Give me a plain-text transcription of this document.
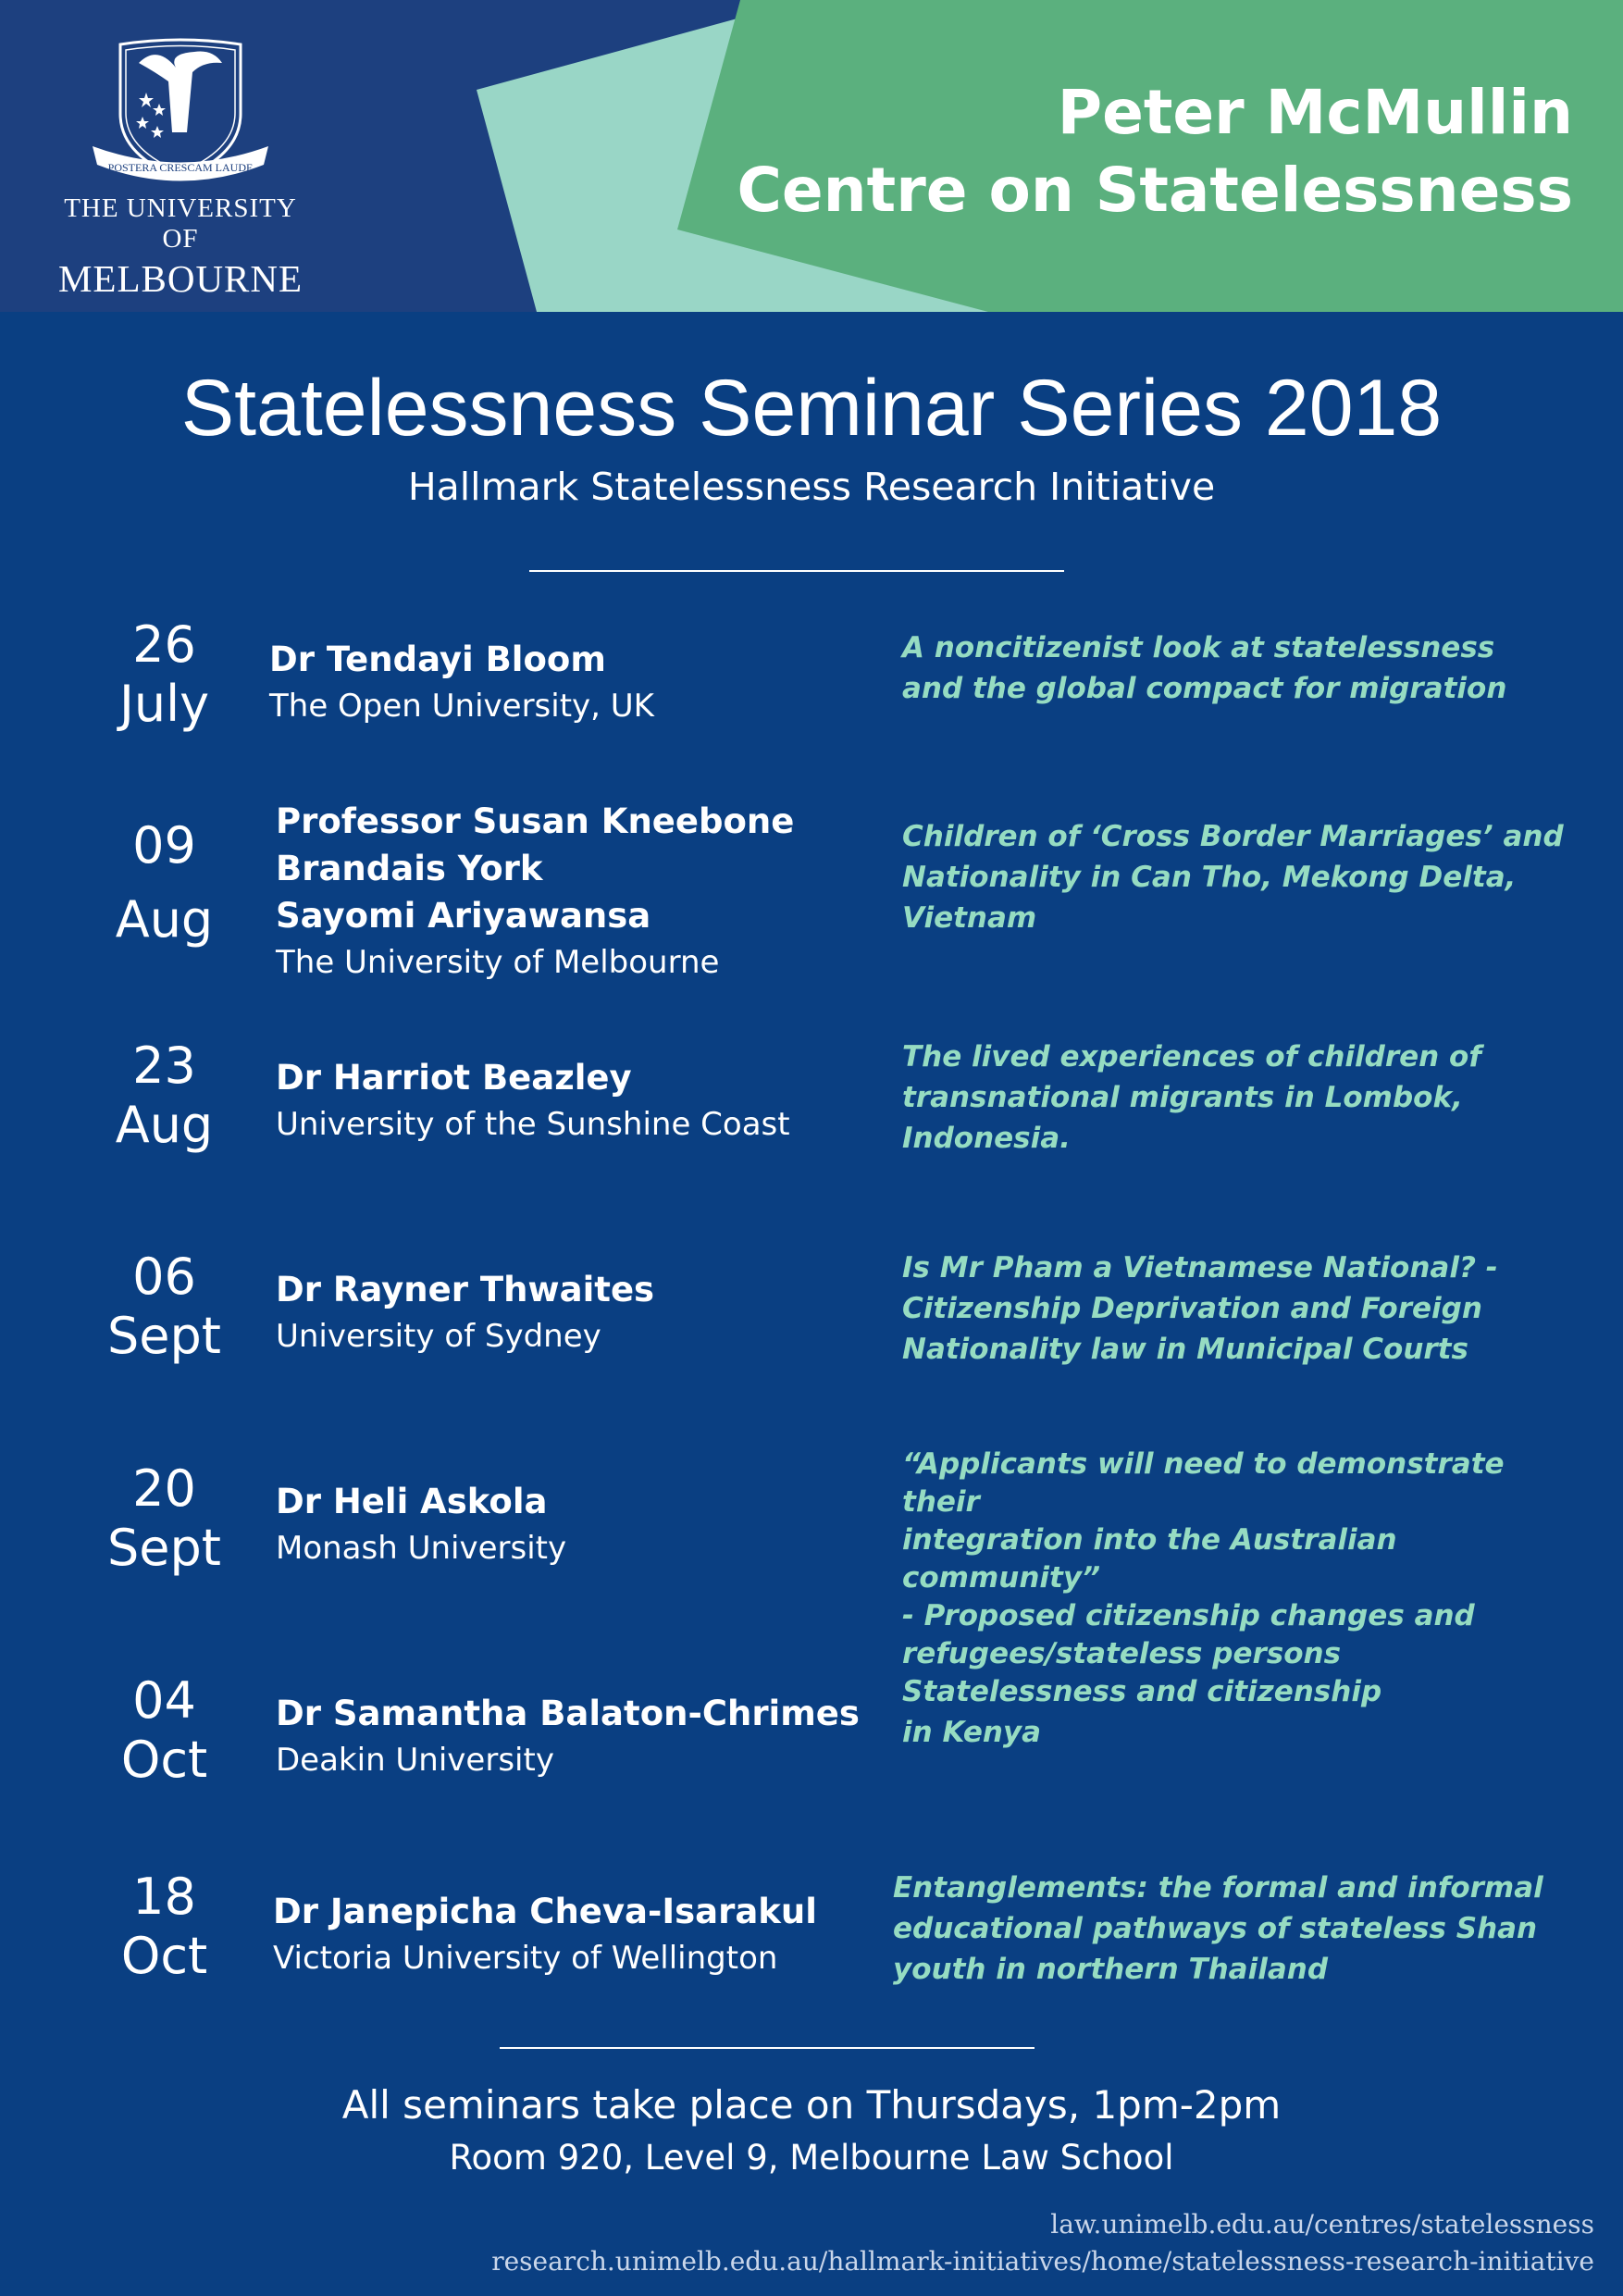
POSTERA CRESCAM LAUDE
THE UNIVERSITY OF
MELBOURNE
Peter McMullin
Centre on Statelessness
Statelessness Seminar Series 2018
Hallmark Statelessness Research Initiative
26
July
Dr Tendayi Bloom
The Open University, UK
A noncitizenist look at statelessness
and the global compact for migration
09
Aug
Professor Susan Kneebone
Brandais York
Sayomi Ariyawansa
The University of Melbourne
Children of ‘Cross Border Marriages’ and
Nationality in Can Tho, Mekong Delta,
Vietnam
23
Aug
Dr Harriot Beazley
University of the Sunshine Coast
The lived experiences of children of
transnational migrants in Lombok,
Indonesia.
06
Sept
Dr Rayner Thwaites
University of Sydney
Is Mr Pham a Vietnamese National? -
Citizenship Deprivation and Foreign
Nationality law in Municipal Courts
20
Sept
Dr Heli Askola
Monash University
“Applicants will need to demonstrate their
integration into the Australian community”
- Proposed citizenship changes and
refugees/stateless persons
04
Oct
Dr Samantha Balaton-Chrimes
Deakin University
Statelessness and citizenship
in Kenya
18
Oct
Dr Janepicha Cheva-Isarakul
Victoria University of Wellington
Entanglements: the formal and informal
educational pathways of stateless Shan
youth in northern Thailand
All seminars take place on Thursdays, 1pm-2pm
Room 920, Level 9, Melbourne Law School
law.unimelb.edu.au/centres/statelessness
research.unimelb.edu.au/hallmark-initiatives/home/statelessness-research-initiative
